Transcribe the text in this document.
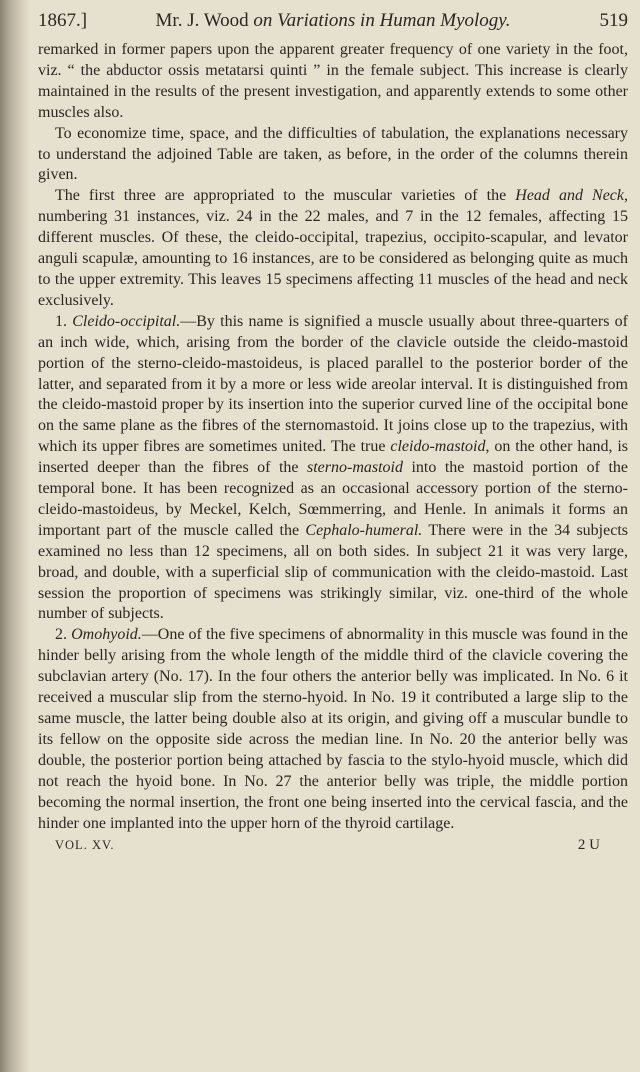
1867.]	Mr. J. Wood on Variations in Human Myology.	519

remarked in former papers upon the apparent greater frequency of one variety in the foot, viz. “ the abductor ossis metatarsi quinti ” in the female subject. This increase is clearly maintained in the results of the present investigation, and apparently extends to some other muscles also.

To economize time, space, and the difficulties of tabulation, the explanations necessary to understand the adjoined Table are taken, as before, in the order of the columns therein given.

The first three are appropriated to the muscular varieties of the Head and Neck, numbering 31 instances, viz. 24 in the 22 males, and 7 in the 12 females, affecting 15 different muscles. Of these, the cleido-occipital, trapezius, occipito-scapular, and levator anguli scapulæ, amounting to 16 instances, are to be considered as belonging quite as much to the upper extremity. This leaves 15 specimens affecting 11 muscles of the head and neck exclusively.

1. Cleido-occipital.—By this name is signified a muscle usually about three-quarters of an inch wide, which, arising from the border of the clavicle outside the cleido-mastoid portion of the sterno-cleido-mastoideus, is placed parallel to the posterior border of the latter, and separated from it by a more or less wide areolar interval. It is distinguished from the cleido-mastoid proper by its insertion into the superior curved line of the occipital bone on the same plane as the fibres of the sternomastoid. It joins close up to the trapezius, with which its upper fibres are sometimes united. The true cleido-mastoid, on the other hand, is inserted deeper than the fibres of the sterno-mastoid into the mastoid portion of the temporal bone. It has been recognized as an occasional accessory portion of the sterno-cleido-mastoideus, by Meckel, Kelch, Sœmmerring, and Henle. In animals it forms an important part of the muscle called the Cephalo-humeral. There were in the 34 subjects examined no less than 12 specimens, all on both sides. In subject 21 it was very large, broad, and double, with a superficial slip of communication with the cleido-mastoid. Last session the proportion of specimens was strikingly similar, viz. one-third of the whole number of subjects.

2. Omohyoid.—One of the five specimens of abnormality in this muscle was found in the hinder belly arising from the whole length of the middle third of the clavicle covering the subclavian artery (No. 17). In the four others the anterior belly was implicated. In No. 6 it received a muscular slip from the sterno-hyoid. In No. 19 it contributed a large slip to the same muscle, the latter being double also at its origin, and giving off a muscular bundle to its fellow on the opposite side across the median line. In No. 20 the anterior belly was double, the posterior portion being attached by fascia to the stylo-hyoid muscle, which did not reach the hyoid bone. In No. 27 the anterior belly was triple, the middle portion becoming the normal insertion, the front one being inserted into the cervical fascia, and the hinder one implanted into the upper horn of the thyroid cartilage.

VOL. XV.	2 U
